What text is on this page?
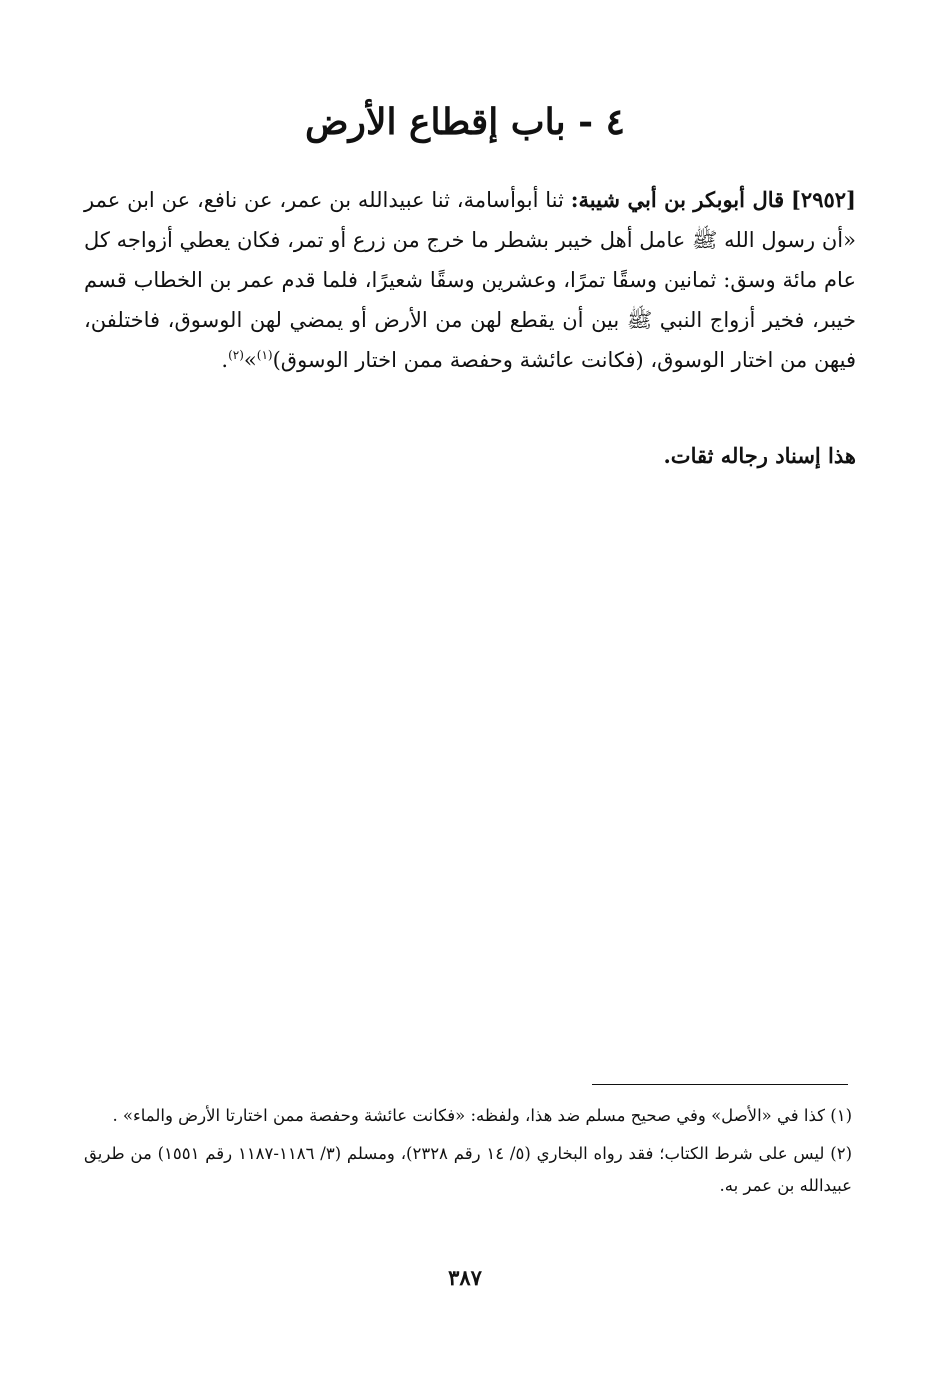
٤ - باب إقطاع الأرض

[٢٩٥٢] قال أبوبكر بن أبي شيبة: ثنا أبوأسامة، ثنا عبيدالله بن عمر، عن نافع، عن ابن عمر «أن رسول الله ﷺ عامل أهل خيبر بشطر ما خرج من زرع أو تمر، فكان يعطي أزواجه كل عام مائة وسق: ثمانين وسقًا تمرًا، وعشرين وسقًا شعيرًا، فلما قدم عمر بن الخطاب قسم خيبر، فخير أزواج النبي ﷺ بين أن يقطع لهن من الأرض أو يمضي لهن الوسوق، فاختلفن، فيهن من اختار الوسوق، (فكانت عائشة وحفصة ممن اختار الوسوق)$^{(١)}$»$^{(٢)}$.

هذا إسناد رجاله ثقات.

(١) كذا في «الأصل» وفي صحيح مسلم ضد هذا، ولفظه: «فكانت عائشة وحفصة ممن اختارتا الأرض والماء» .

(٢) ليس على شرط الكتاب؛ فقد رواه البخاري (٥/ ١٤ رقم ٢٣٢٨)، ومسلم (٣/ ١١٨٦-١١٨٧ رقم ١٥٥١) من طريق عبيدالله بن عمر به.

٣٨٧
